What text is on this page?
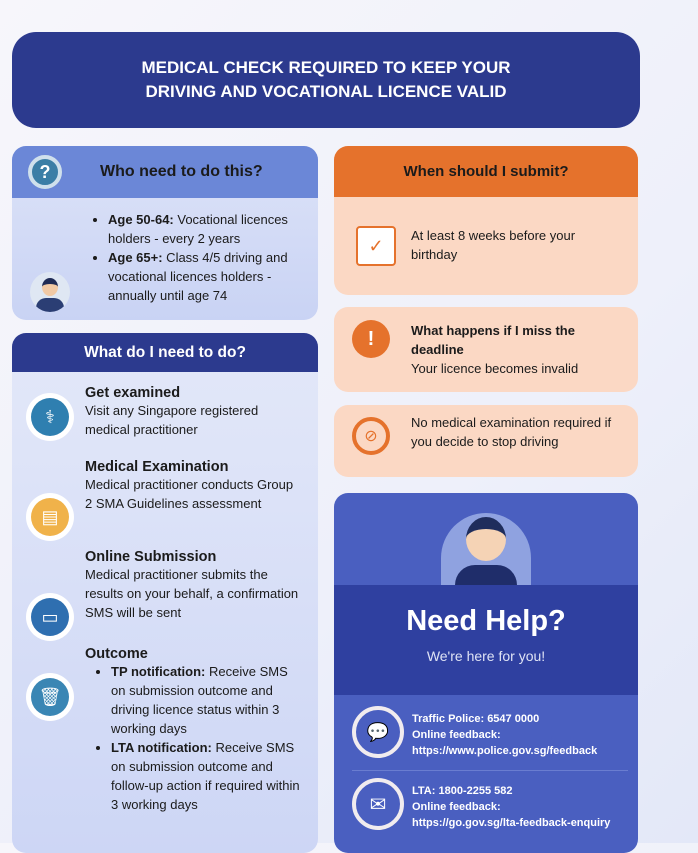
MEDICAL CHECK REQUIRED TO KEEP YOUR
DRIVING AND VOCATIONAL LICENCE VALID
?	Who need to do this?
• Age 50-64: Vocational licences holders - every 2 years
• Age 65+: Class 4/5 driving and vocational licences holders - annually until age 74
What do I need to do?
⚕
Get examined
Visit any Singapore registered medical practitioner
▤
Medical Examination
Medical practitioner conducts Group 2 SMA Guidelines assessment
▭
Online Submission
Medical practitioner submits the results on your behalf, a confirmation SMS will be sent
🗑
Outcome
• TP notification: Receive SMS on submission outcome and driving licence status within 3 working days
• LTA notification: Receive SMS on submission outcome and follow-up action if required within 3 working days
When should I submit?
✓
At least 8 weeks before your birthday
!	What happens if I miss the deadline
Your licence becomes invalid
⊘
No medical examination required if you decide to stop driving
Need Help?
We're here for you!
💬
Traffic Police: 6547 0000
Online feedback:
https://www.police.gov.sg/feedback
✉
LTA: 1800-2255 582
Online feedback:
https://go.gov.sg/lta-feedback-enquiry
